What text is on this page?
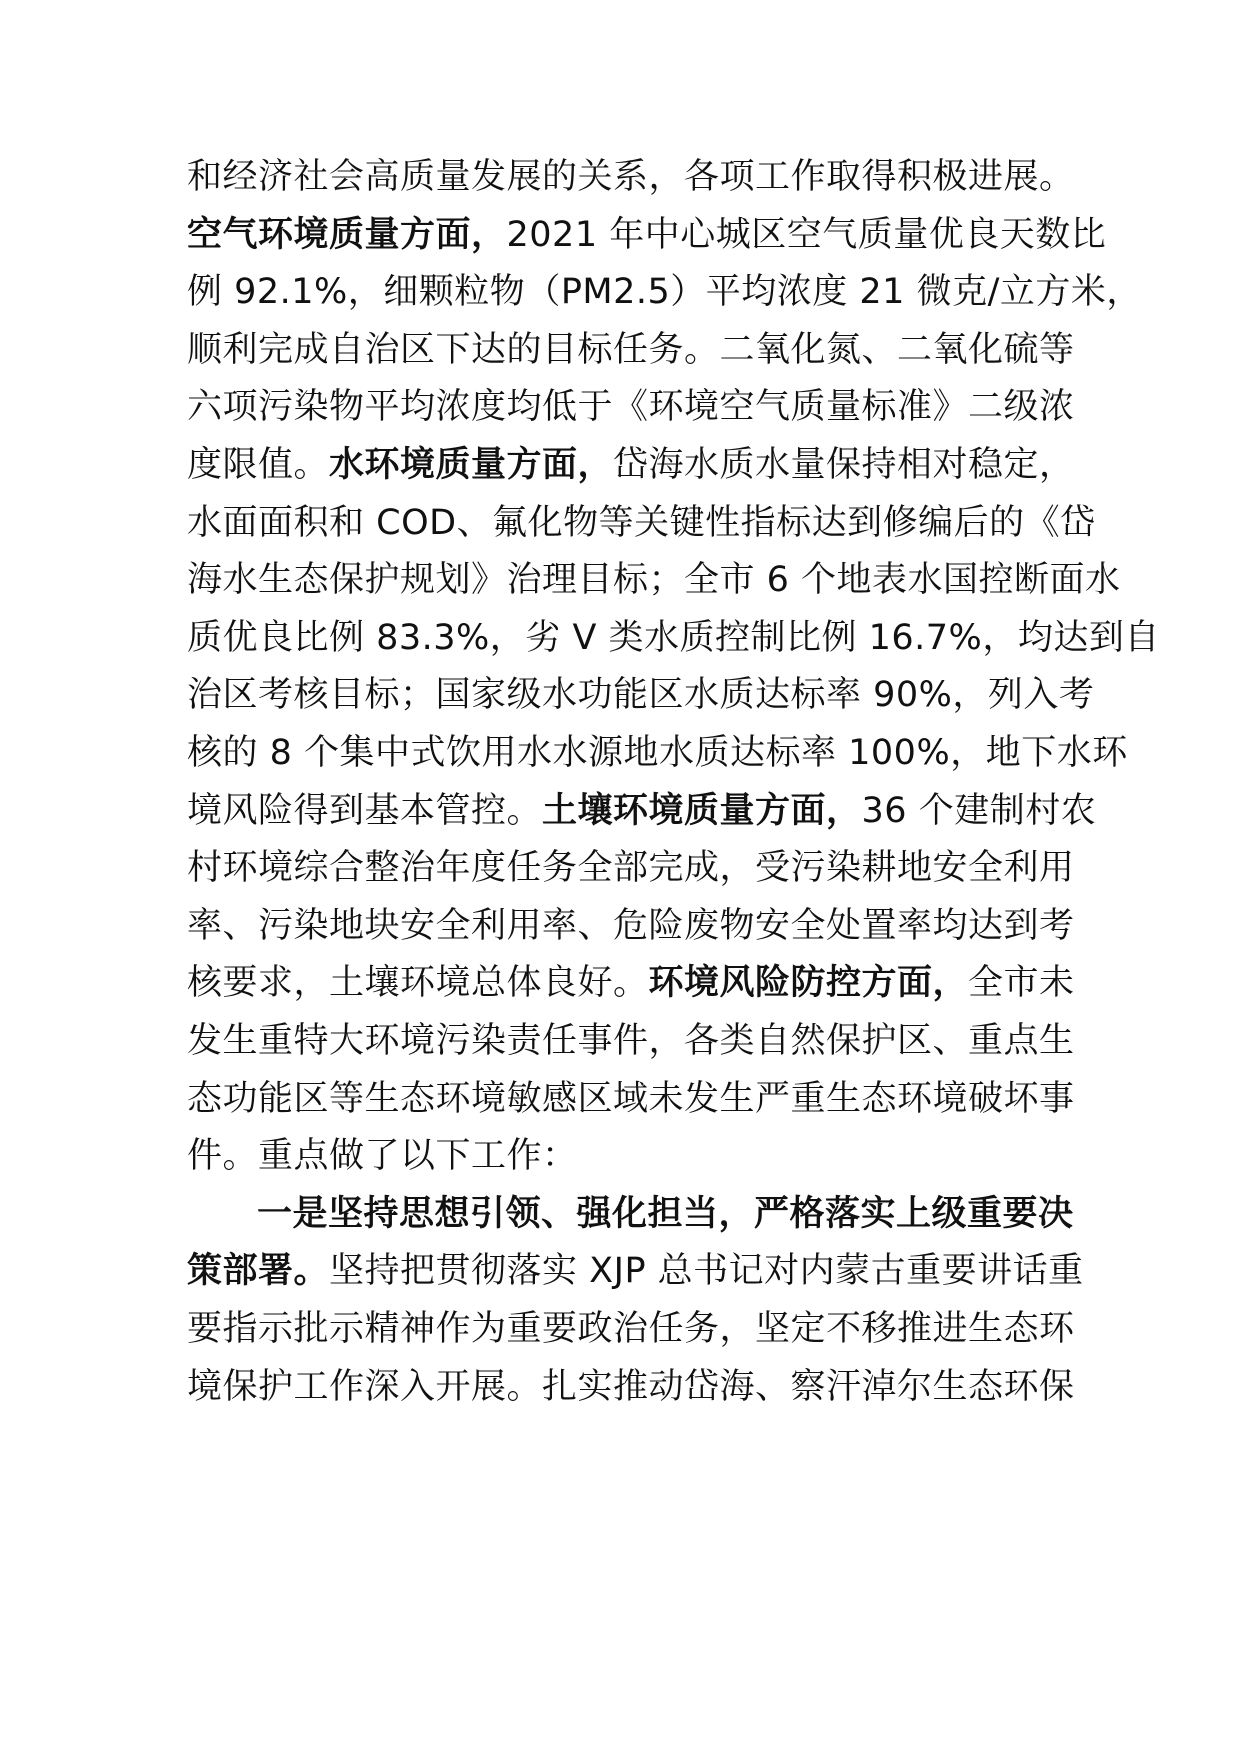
和经济社会高质量发展的关系，各项工作取得积极进展。
空气环境质量方面，2021 年中心城区空气质量优良天数比
例 92.1%，细颗粒物（PM2.5）平均浓度 21 微克/立方米，
顺利完成自治区下达的目标任务。二氧化氮、二氧化硫等
六项污染物平均浓度均低于《环境空气质量标准》二级浓
度限值。水环境质量方面，岱海水质水量保持相对稳定，
水面面积和 COD、氟化物等关键性指标达到修编后的《岱
海水生态保护规划》治理目标；全市 6 个地表水国控断面水
质优良比例 83.3%，劣 V 类水质控制比例 16.7%，均达到自
治区考核目标；国家级水功能区水质达标率 90%，列入考
核的 8 个集中式饮用水水源地水质达标率 100%，地下水环
境风险得到基本管控。土壤环境质量方面，36 个建制村农
村环境综合整治年度任务全部完成，受污染耕地安全利用
率、污染地块安全利用率、危险废物安全处置率均达到考
核要求，土壤环境总体良好。环境风险防控方面，全市未
发生重特大环境污染责任事件，各类自然保护区、重点生
态功能区等生态环境敏感区域未发生严重生态环境破坏事
件。重点做了以下工作：
一是坚持思想引领、强化担当，严格落实上级重要决
策部署。坚持把贯彻落实 XJP 总书记对内蒙古重要讲话重
要指示批示精神作为重要政治任务，坚定不移推进生态环
境保护工作深入开展。扎实推动岱海、察汗淖尔生态环保
